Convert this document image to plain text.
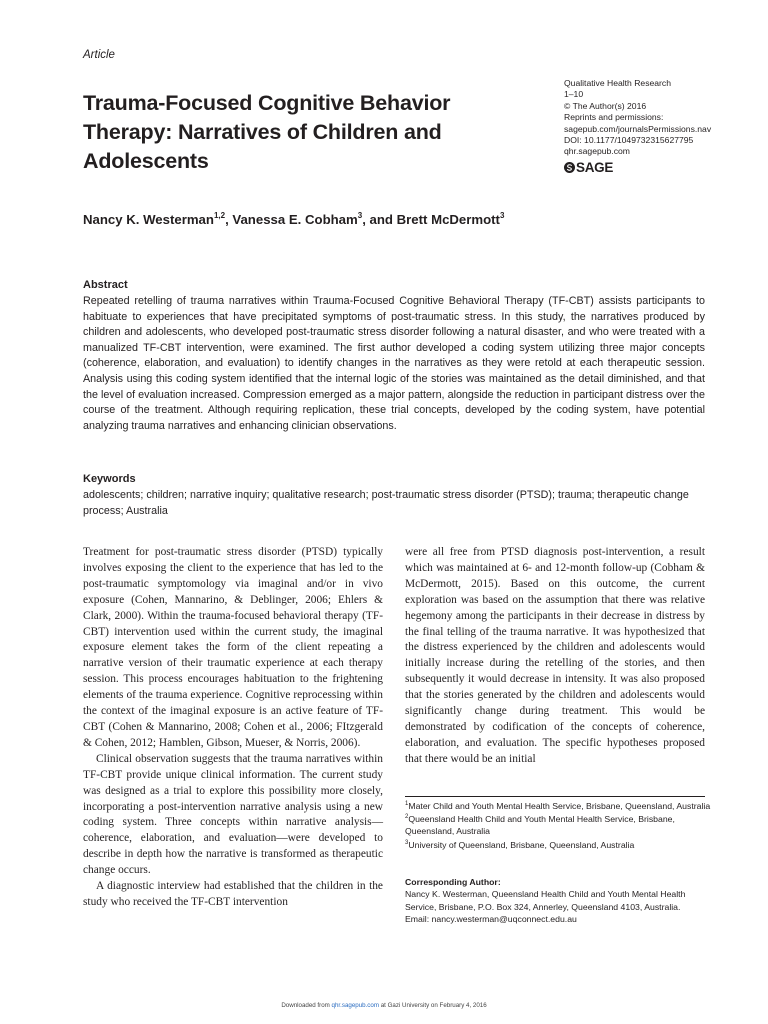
Article
Trauma-Focused Cognitive Behavior
Therapy: Narratives of Children and
Adolescents
Qualitative Health Research
1–10
© The Author(s) 2016
Reprints and permissions:
sagepub.com/journalsPermissions.nav
DOI: 10.1177/1049732315627795
qhr.sagepub.com
SAGE
Nancy K. Westerman$^{1,2}$, Vanessa E. Cobham$^3$, and Brett McDermott$^3$
Abstract

Repeated retelling of trauma narratives within Trauma-Focused Cognitive Behavioral Therapy (TF-CBT) assists participants to habituate to experiences that have precipitated symptoms of post-traumatic stress. In this study, the narratives produced by children and adolescents, who developed post-traumatic stress disorder following a natural disaster, and who were treated with a manualized TF-CBT intervention, were examined. The first author developed a coding system utilizing three major concepts (coherence, elaboration, and evaluation) to identify changes in the narratives as they were retold at each therapeutic session. Analysis using this coding system identified that the internal logic of the stories was maintained as the detail diminished, and that the level of evaluation increased. Compression emerged as a major pattern, alongside the reduction in participant distress over the course of the treatment. Although requiring replication, these trial concepts, developed by the coding system, have potential analyzing trauma narratives and enhancing clinician observations.

Keywords

adolescents; children; narrative inquiry; qualitative research; post-traumatic stress disorder (PTSD); trauma; therapeutic change process; Australia

Treatment for post-traumatic stress disorder (PTSD) typically involves exposing the client to the experience that has led to the post-traumatic symptomology via imaginal and/or in vivo exposure (Cohen, Mannarino, & Deblinger, 2006; Ehlers & Clark, 2000). Within the trauma-focused behavioral therapy (TF-CBT) intervention used within the current study, the imaginal exposure element takes the form of the client repeating a narrative version of their traumatic experience at each therapy session. This process encourages habituation to the frightening elements of the trauma experience. Cognitive reprocessing within the context of the imaginal exposure is an active feature of TF-CBT (Cohen & Mannarino, 2008; Cohen et al., 2006; FItzgerald & Cohen, 2012; Hamblen, Gibson, Mueser, & Norris, 2006).

Clinical observation suggests that the trauma narratives within TF-CBT provide unique clinical information. The current study was designed as a trial to explore this possibility more closely, incorporating a post-intervention narrative analysis using a new coding system. Three concepts within narrative analysis—coherence, elaboration, and evaluation—were developed to describe in depth how the narrative is transformed as therapeutic change occurs.

A diagnostic interview had established that the children in the study who received the TF-CBT intervention

were all free from PTSD diagnosis post-intervention, a result which was maintained at 6- and 12-month follow-up (Cobham & McDermott, 2015). Based on this outcome, the current exploration was based on the assumption that there was relative hegemony among the participants in their decrease in distress by the final telling of the trauma narrative. It was hypothesized that the distress experienced by the children and adolescents would initially increase during the retelling of the stories, and then subsequently it would decrease in intensity. It was also proposed that the stories generated by the children and adolescents would significantly change during treatment. This would be demonstrated by codification of the concepts of coherence, elaboration, and evaluation. The specific hypotheses proposed that there would be an initial

$^1$Mater Child and Youth Mental Health Service, Brisbane, Queensland, Australia
$^2$Queensland Health Child and Youth Mental Health Service, Brisbane, Queensland, Australia
$^3$University of Queensland, Brisbane, Queensland, Australia
Corresponding Author:
Nancy K. Westerman, Queensland Health Child and Youth Mental Health Service, Brisbane, P.O. Box 324, Annerley, Queensland 4103, Australia.
Email: nancy.westerman@uqconnect.edu.au
Downloaded from qhr.sagepub.com at Gazi University on February 4, 2016
